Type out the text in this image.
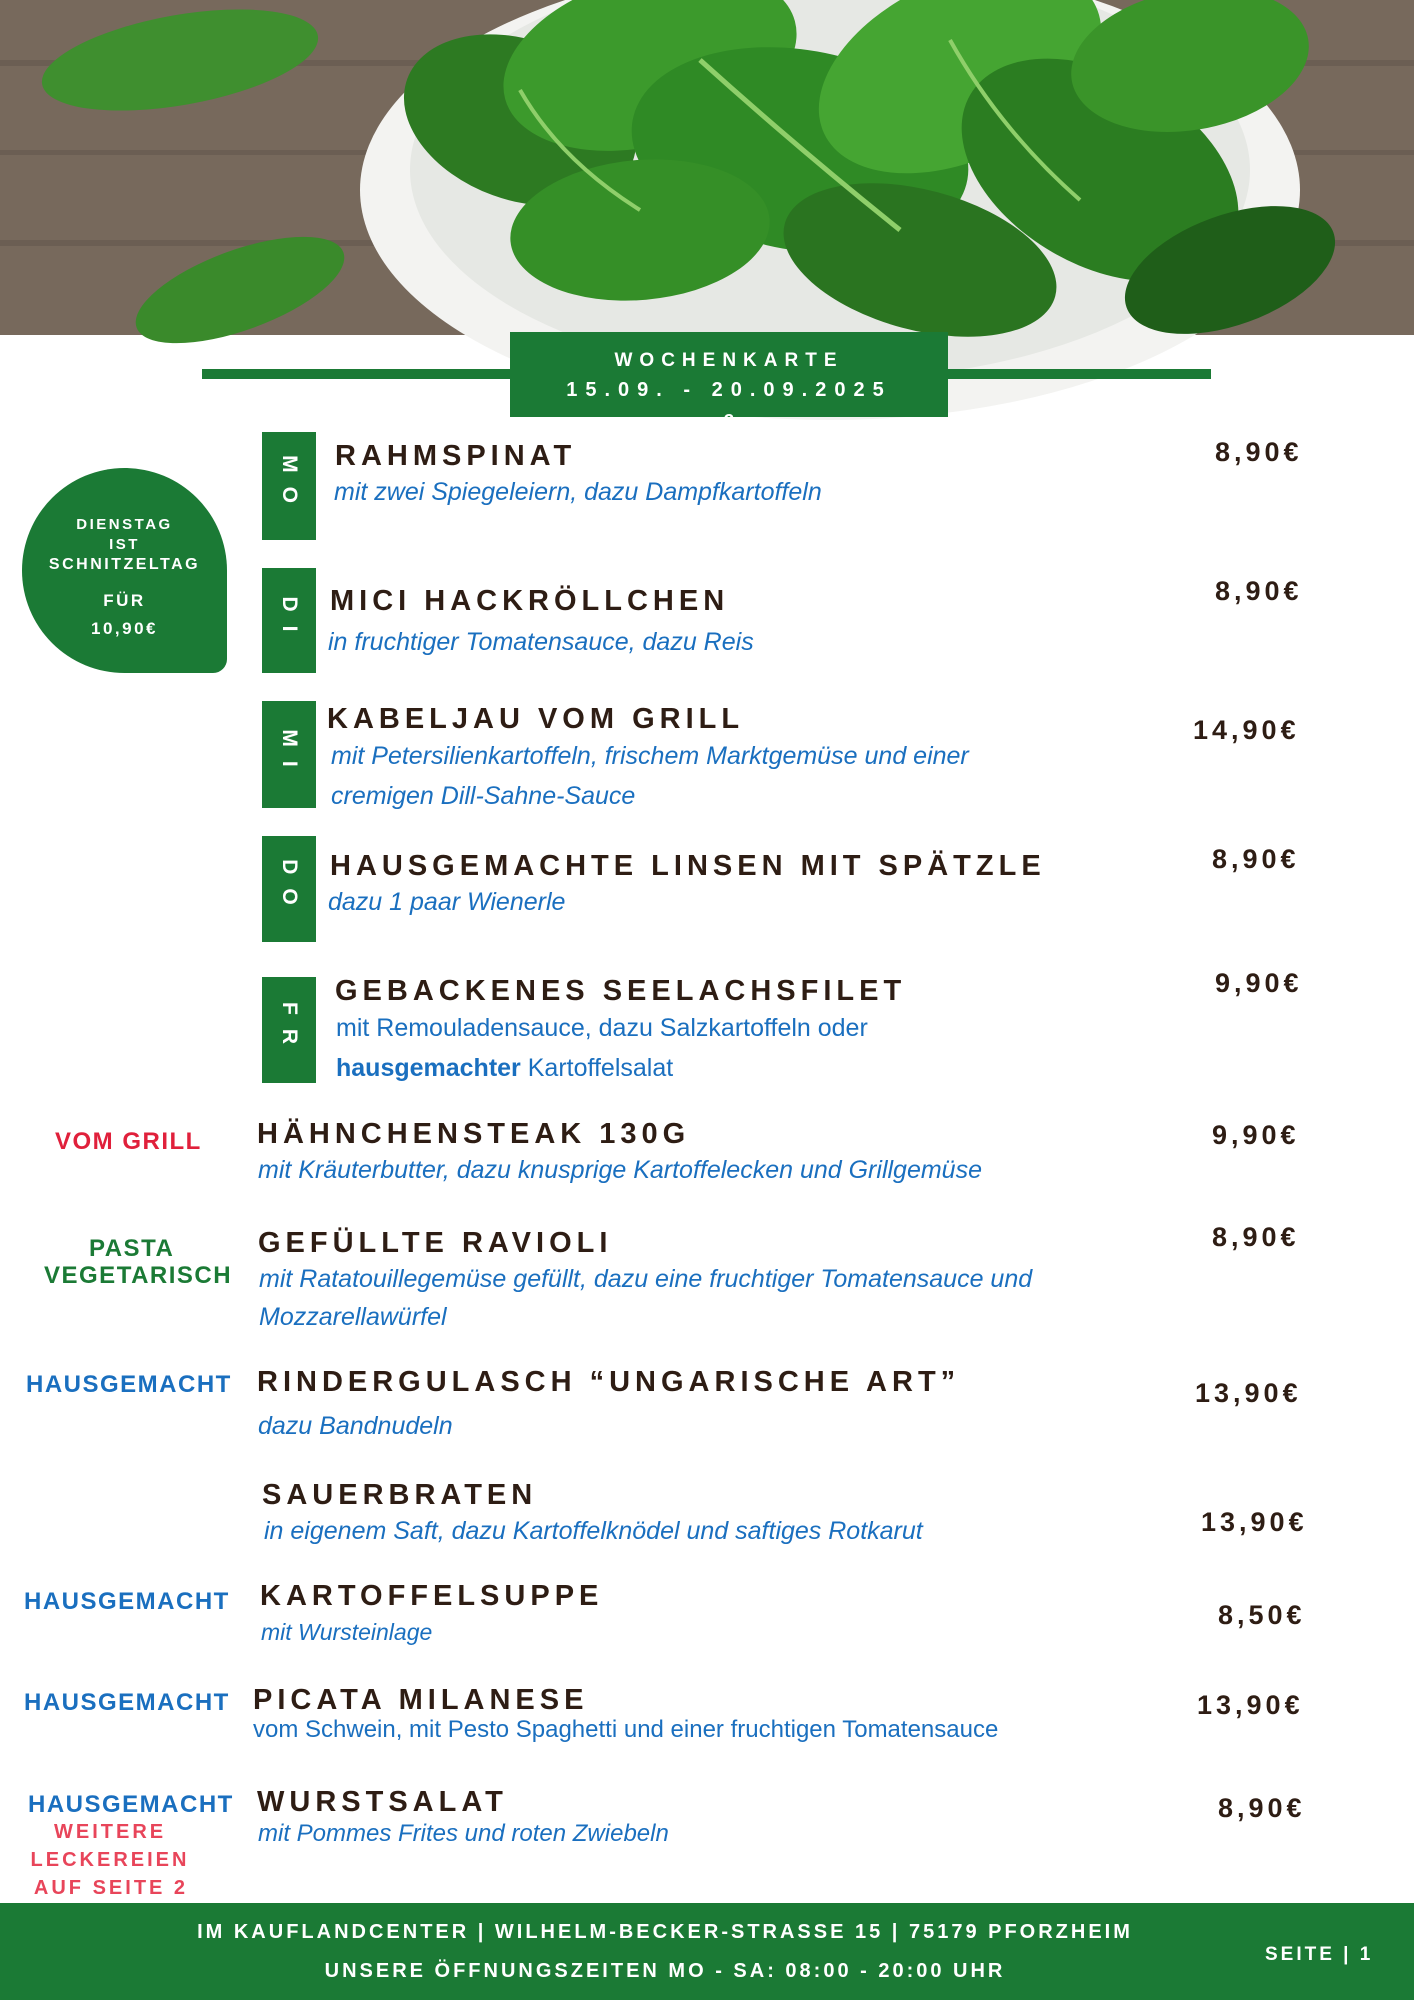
WOCHENKARTE
15.09. - 20.09.2025
a
DIENSTAG
IST
SCHNITZELTAG
FÜR
10,90€
MO RAHMSPINAT
mit zwei Spiegeleiern, dazu Dampfkartoffeln
8,90€
DI MICI HACKRÖLLCHEN
in fruchtiger Tomatensauce, dazu Reis
8,90€
MI
KABELJAU VOM GRILL
mit Petersilienkartoffeln, frischem Marktgemüse und einer
cremigen Dill-Sahne-Sauce
14,90€
DO HAUSGEMACHTE LINSEN MIT SPÄTZLE
dazu 1 paar Wienerle
8,90€
FR
GEBACKENES SEELACHSFILET
mit Remouladensauce, dazu Salzkartoffeln oder
hausgemachter Kartoffelsalat
9,90€
VOM GRILL HÄHNCHENSTEAK 130G
mit Kräuterbutter, dazu knusprige Kartoffelecken und Grillgemüse
9,90€
PASTA
VEGETARISCH
GEFÜLLTE RAVIOLI
mit Ratatouillegemüse gefüllt, dazu eine fruchtiger Tomatensauce und
Mozzarellawürfel
8,90€
HAUSGEMACHT RINDERGULASCH “UNGARISCHE ART”
dazu Bandnudeln
13,90€
SAUERBRATEN
in eigenem Saft, dazu Kartoffelknödel und saftiges Rotkarut	13,90€
HAUSGEMACHT KARTOFFELSUPPE
mit Wursteinlage
8,50€
HAUSGEMACHT PICATA MILANESE
vom Schwein, mit Pesto Spaghetti und einer fruchtigen Tomatensauce
13,90€
HAUSGEMACHT WURSTSALAT
mit Pommes Frites und roten Zwiebeln
8,90€
WEITERE
LECKEREIEN
AUF SEITE 2
IM KAUFLANDCENTER | WILHELM-BECKER-STRASSE 15 | 75179 PFORZHEIM
UNSERE ÖFFNUNGSZEITEN MO - SA: 08:00 - 20:00 UHR
SEITE | 1
